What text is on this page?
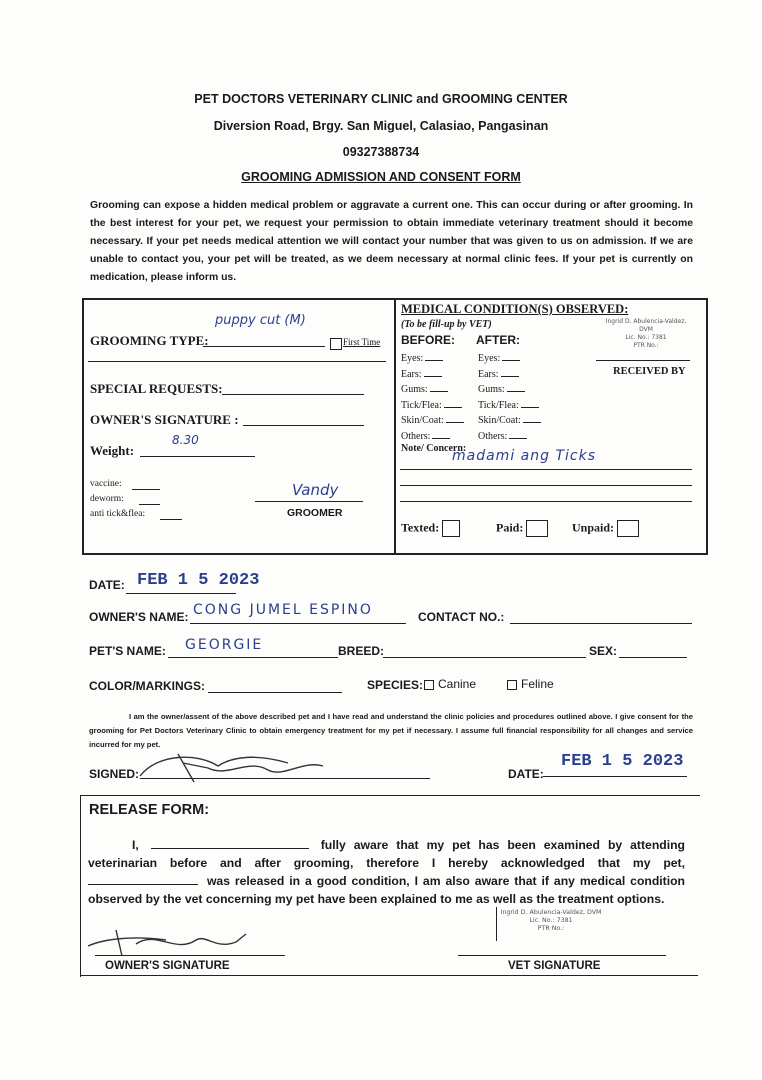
PET DOCTORS VETERINARY CLINIC and GROOMING CENTER
Diversion Road, Brgy. San Miguel, Calasiao, Pangasinan
09327388734
GROOMING ADMISSION AND CONSENT FORM
Grooming can expose a hidden medical problem or aggravate a current one. This can occur during or after grooming. In the best interest for your pet, we request your permission to obtain immediate veterinary treatment should it become necessary. If your pet needs medical attention we will contact your number that was given to us on admission. If we are unable to contact you, your pet will be treated, as we deem necessary at normal clinic fees. If your pet is currently on medication, please inform us.
puppy cut (M)
GROOMING TYPE:	First Time
SPECIAL REQUESTS:
OWNER'S SIGNATURE :
8.30
Weight:
vaccine:
deworm:
anti tick&flea:
Vandy
GROOMER
MEDICAL CONDITION(S) OBSERVED:
(To be fill-up by VET)
BEFORE: AFTER:
Eyes:	Eyes:
Ears:	Ears:
Gums:	Gums:
Tick/Flea:	Tick/Flea:
Skin/Coat:	Skin/Coat:
Others:	Others:
Ingrid D. Abulencia-Valdez, DVM
Lic. No.: 7381
PTR No.:
RECEIVED BY
Note/ Concern:
madami ang Ticks
Texted:	Paid:	Unpaid:
DATE: FEB 1 5 2023
OWNER'S NAME: CONG JUMEL ESPINO	CONTACT NO.:
PET'S NAME: GEORGIE	BREED:	SEX:
COLOR/MARKINGS:	SPECIES:	Canine	Feline
I am the owner/assent of the above described pet and I have read and understand the clinic policies and procedures outlined above. I give consent for the grooming for Pet Doctors Veterinary Clinic to obtain emergency treatment for my pet if necessary. I assume full financial responsibility for all changes and service incurred for my pet.
SIGNED:	DATE:
FEB 1 5 2023
RELEASE FORM:
I,	fully aware that my pet has been examined by attending veterinarian before and after grooming, therefore I hereby acknowledged that my pet,  was released in a good condition, I am also aware that if any medical condition observed by the vet concerning my pet have been explained to me as well as the treatment options.
Ingrid D. Abulencia-Valdez, DVM
Lic. No.: 7381
PTR No.:
OWNER'S SIGNATURE	VET SIGNATURE
